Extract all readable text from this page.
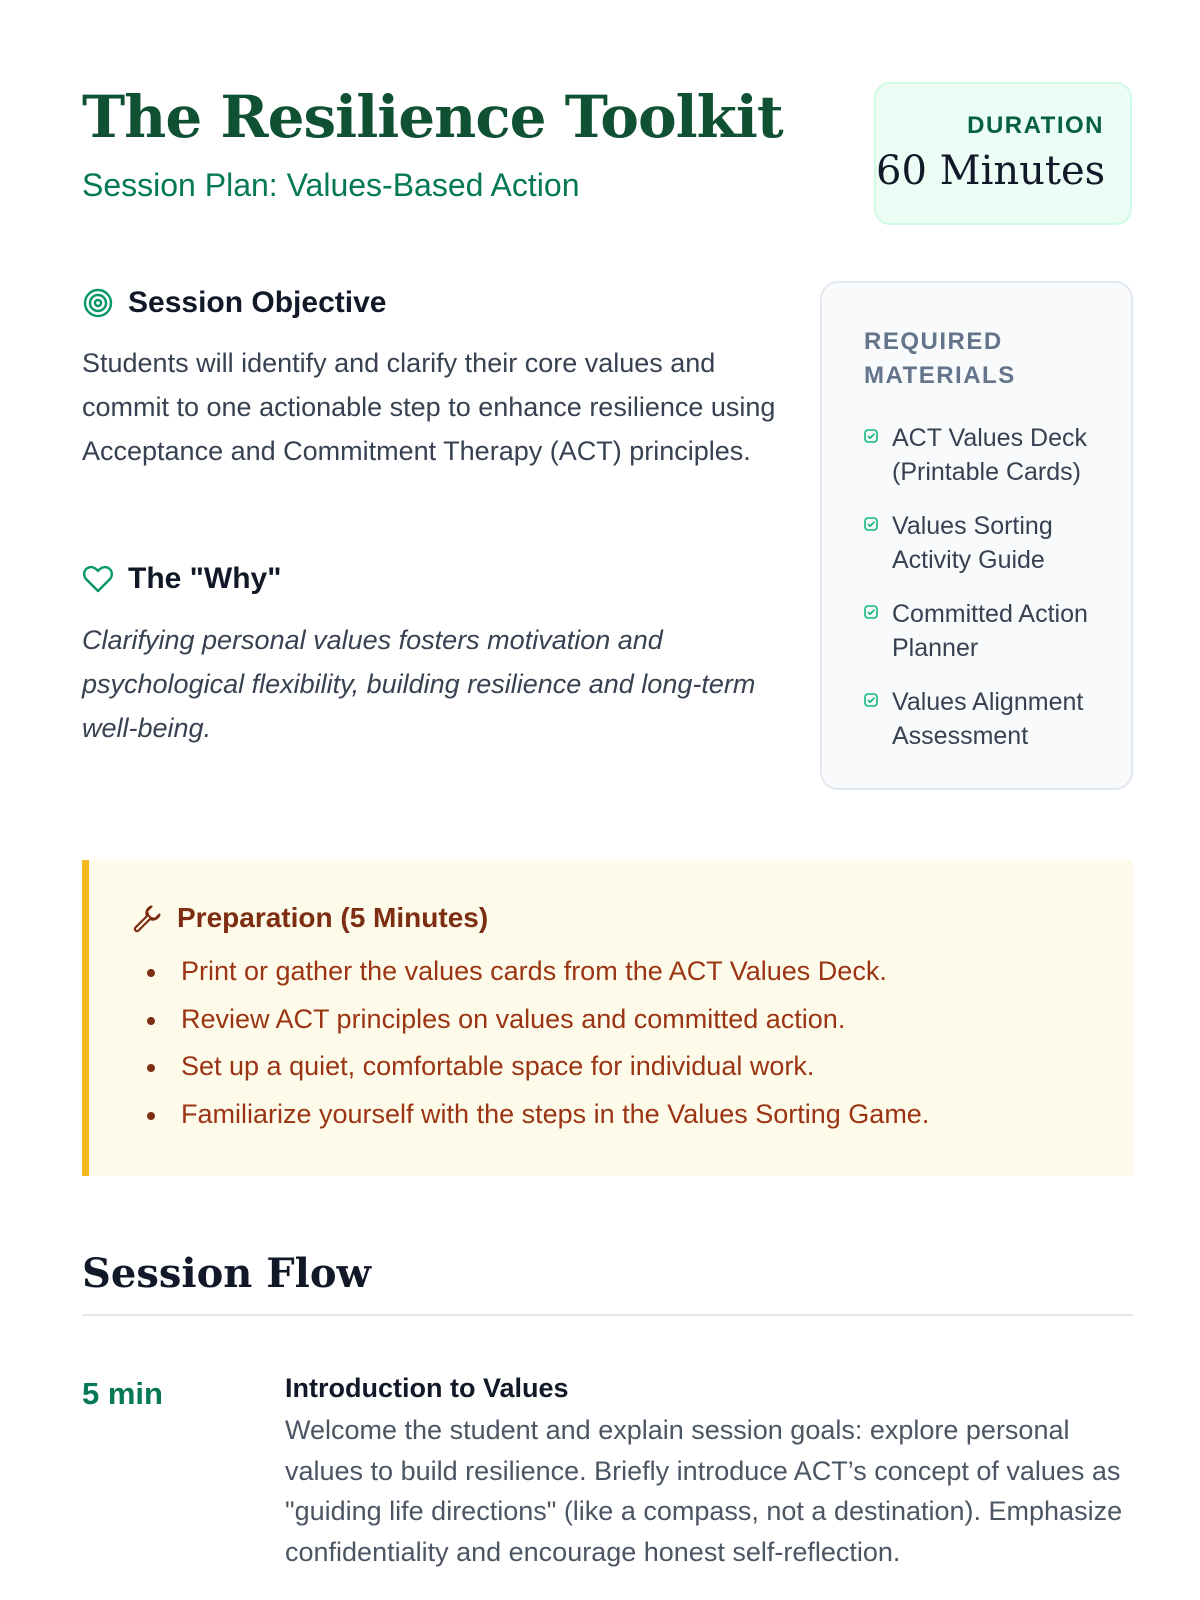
The Resilience Toolkit
Session Plan: Values-Based Action
DURATION
60 Minutes
Session Objective

Students will identify and clarify their core values and commit to one actionable step to enhance resilience using Acceptance and Commitment Therapy (ACT) principles.

The "Why"

Clarifying personal values fosters motivation and psychological flexibility, building resilience and long-term well-being.

REQUIRED MATERIALS
ACT Values Deck (Printable Cards)
Values Sorting Activity Guide
Committed Action Planner
Values Alignment Assessment
Preparation (5 Minutes)
Print or gather the values cards from the ACT Values Deck.
Review ACT principles on values and committed action.
Set up a quiet, comfortable space for individual work.
Familiarize yourself with the steps in the Values Sorting Game.
Session Flow
5 min	Introduction to Values

Welcome the student and explain session goals: explore personal values to build resilience. Briefly introduce ACT’s concept of values as "guiding life directions" (like a compass, not a destination). Emphasize confidentiality and encourage honest self-reflection.
